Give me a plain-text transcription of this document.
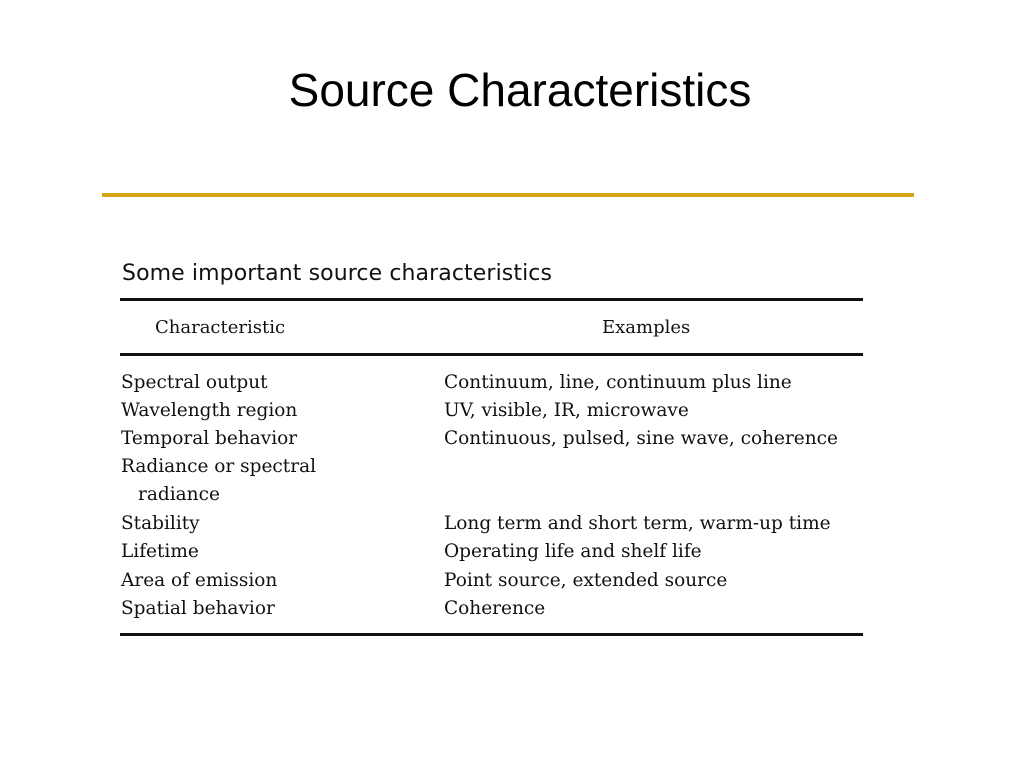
Source Characteristics
Some important source characteristics
Characteristic	Examples
Spectral output	Continuum, line, continuum plus line
Wavelength region	UV, visible, IR, microwave
Temporal behavior	Continuous, pulsed, sine wave, coherence
Radiance or spectral
radiance
Stability	Long term and short term, warm-up time
Lifetime	Operating life and shelf life
Area of emission	Point source, extended source
Spatial behavior	Coherence
